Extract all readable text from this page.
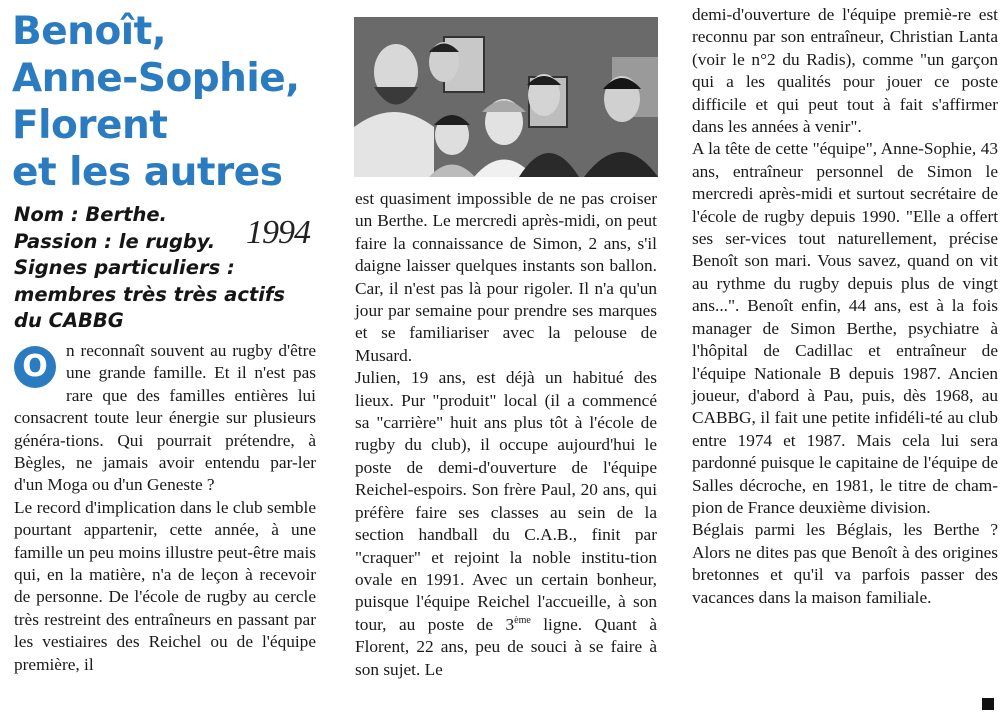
Benoît,
Anne-Sophie,
Florent
et les autres
Nom : Berthe.
Passion : le rugby.
Signes particuliers :
membres très très actifs
du CABBG
1994

O	n reconnaît souvent au rugby d'être une grande famille. Et il n'est pas rare que des familles entières lui consacrent toute leur énergie sur plusieurs généra-tions. Qui pourrait prétendre, à Bègles, ne jamais avoir entendu par-ler d'un Moga ou d'un Geneste ?

Le record d'implication dans le club semble pourtant appartenir, cette année, à une famille un peu moins illustre peut-être mais qui, en la matière, n'a de leçon à recevoir de personne. De l'école de rugby au cercle très restreint des entraîneurs en passant par les vestiaires des Reichel ou de l'équipe première, il

est quasiment impossible de ne pas croiser un Berthe. Le mercredi après-midi, on peut faire la connaissance de Simon, 2 ans, s'il daigne laisser quelques instants son ballon. Car, il n'est pas là pour rigoler. Il n'a qu'un jour par semaine pour prendre ses marques et se familiariser avec la pelouse de Musard.

Julien, 19 ans, est déjà un habitué des lieux. Pur "produit" local (il a commencé sa "carrière" huit ans plus tôt à l'école de rugby du club), il occupe aujourd'hui le poste de demi-d'ouverture de l'équipe Reichel-espoirs. Son frère Paul, 20 ans, qui préfère faire ses classes au sein de la section handball du C.A.B., finit par "craquer" et rejoint la noble institu-tion ovale en 1991. Avec un certain bonheur, puisque l'équipe Reichel l'accueille, à son tour, au poste de 3ème ligne. Quant à Florent, 22 ans, peu de souci à se faire à son sujet. Le

demi-d'ouverture de l'équipe premiè-re est reconnu par son entraîneur, Christian Lanta (voir le n°2 du Radis), comme "un garçon qui a les qualités pour jouer ce poste difficile et qui peut tout à fait s'affirmer dans les années à venir".

A la tête de cette "équipe", Anne-Sophie, 43 ans, entraîneur personnel de Simon le mercredi après-midi et surtout secrétaire de l'école de rugby depuis 1990. "Elle a offert ses ser-vices tout naturellement, précise Benoît son mari. Vous savez, quand on vit au rythme du rugby depuis plus de vingt ans...". Benoît enfin, 44 ans, est à la fois manager de Simon Berthe, psychiatre à l'hôpital de Cadillac et entraîneur de l'équipe Nationale B depuis 1987. Ancien joueur, d'abord à Pau, puis, dès 1968, au CABBG, il fait une petite infidéli-té au club entre 1974 et 1987. Mais cela lui sera pardonné puisque le capitaine de l'équipe de Salles décroche, en 1981, le titre de cham-pion de France deuxième division.

Béglais parmi les Béglais, les Berthe ? Alors ne dites pas que Benoît à des origines bretonnes et qu'il va parfois passer des vacances dans la maison familiale.
